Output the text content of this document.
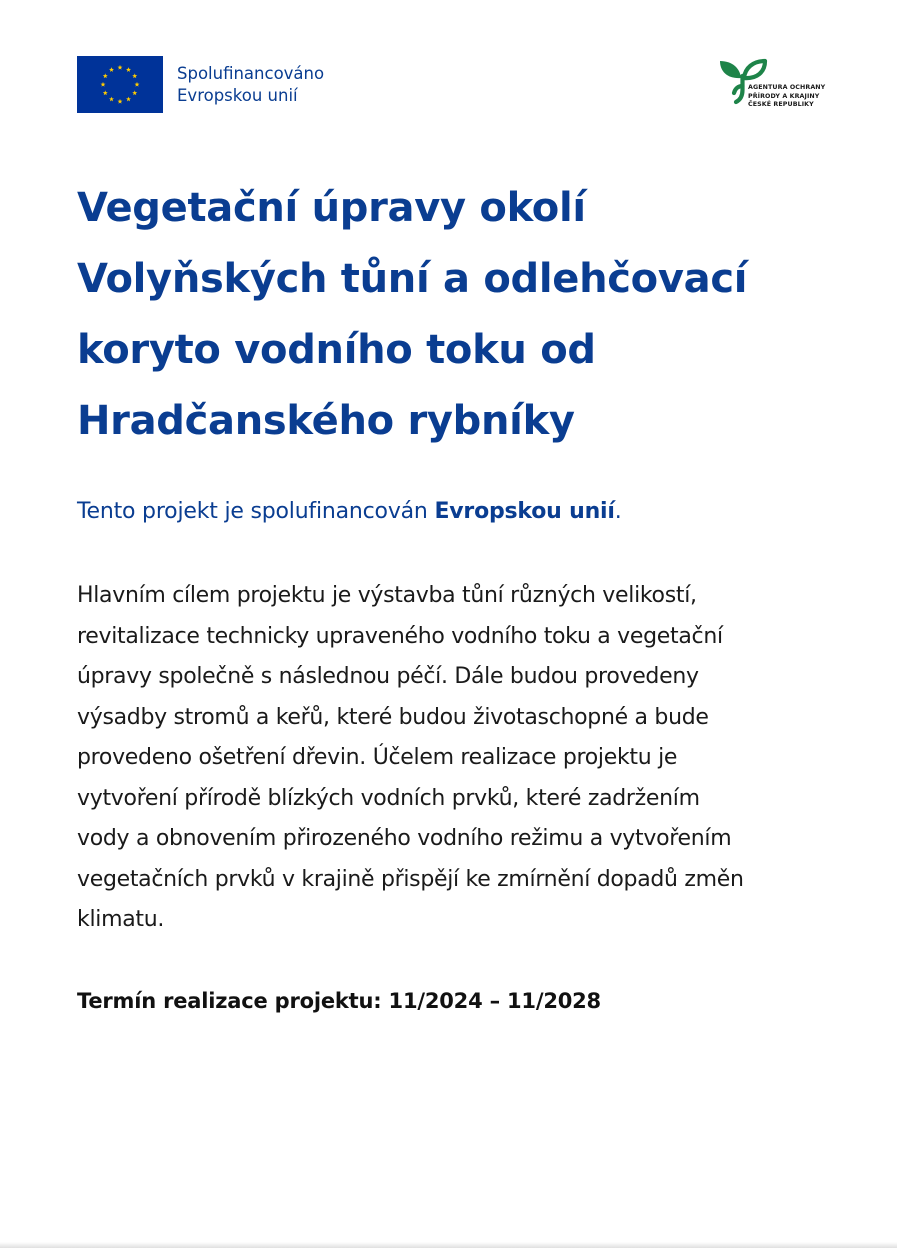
Spolufinancováno
Evropskou unií	AGENTURA OCHRANY
PŘÍRODY A KRAJINY
ČESKÉ REPUBLIKY
Vegetační úpravy okolí
Volyňských tůní a odlehčovací
koryto vodního toku od
Hradčanského rybníky

Tento projekt je spolufinancován Evropskou unií.

Hlavním cílem projektu je výstavba tůní různých velikostí,
revitalizace technicky upraveného vodního toku a vegetační
úpravy společně s následnou péčí. Dále budou provedeny
výsadby stromů a keřů, které budou životaschopné a bude
provedeno ošetření dřevin. Účelem realizace projektu je
vytvoření přírodě blízkých vodních prvků, které zadržením
vody a obnovením přirozeného vodního režimu a vytvořením
vegetačních prvků v krajině přispějí ke zmírnění dopadů změn
klimatu.

Termín realizace projektu: 11/2024 – 11/2028
